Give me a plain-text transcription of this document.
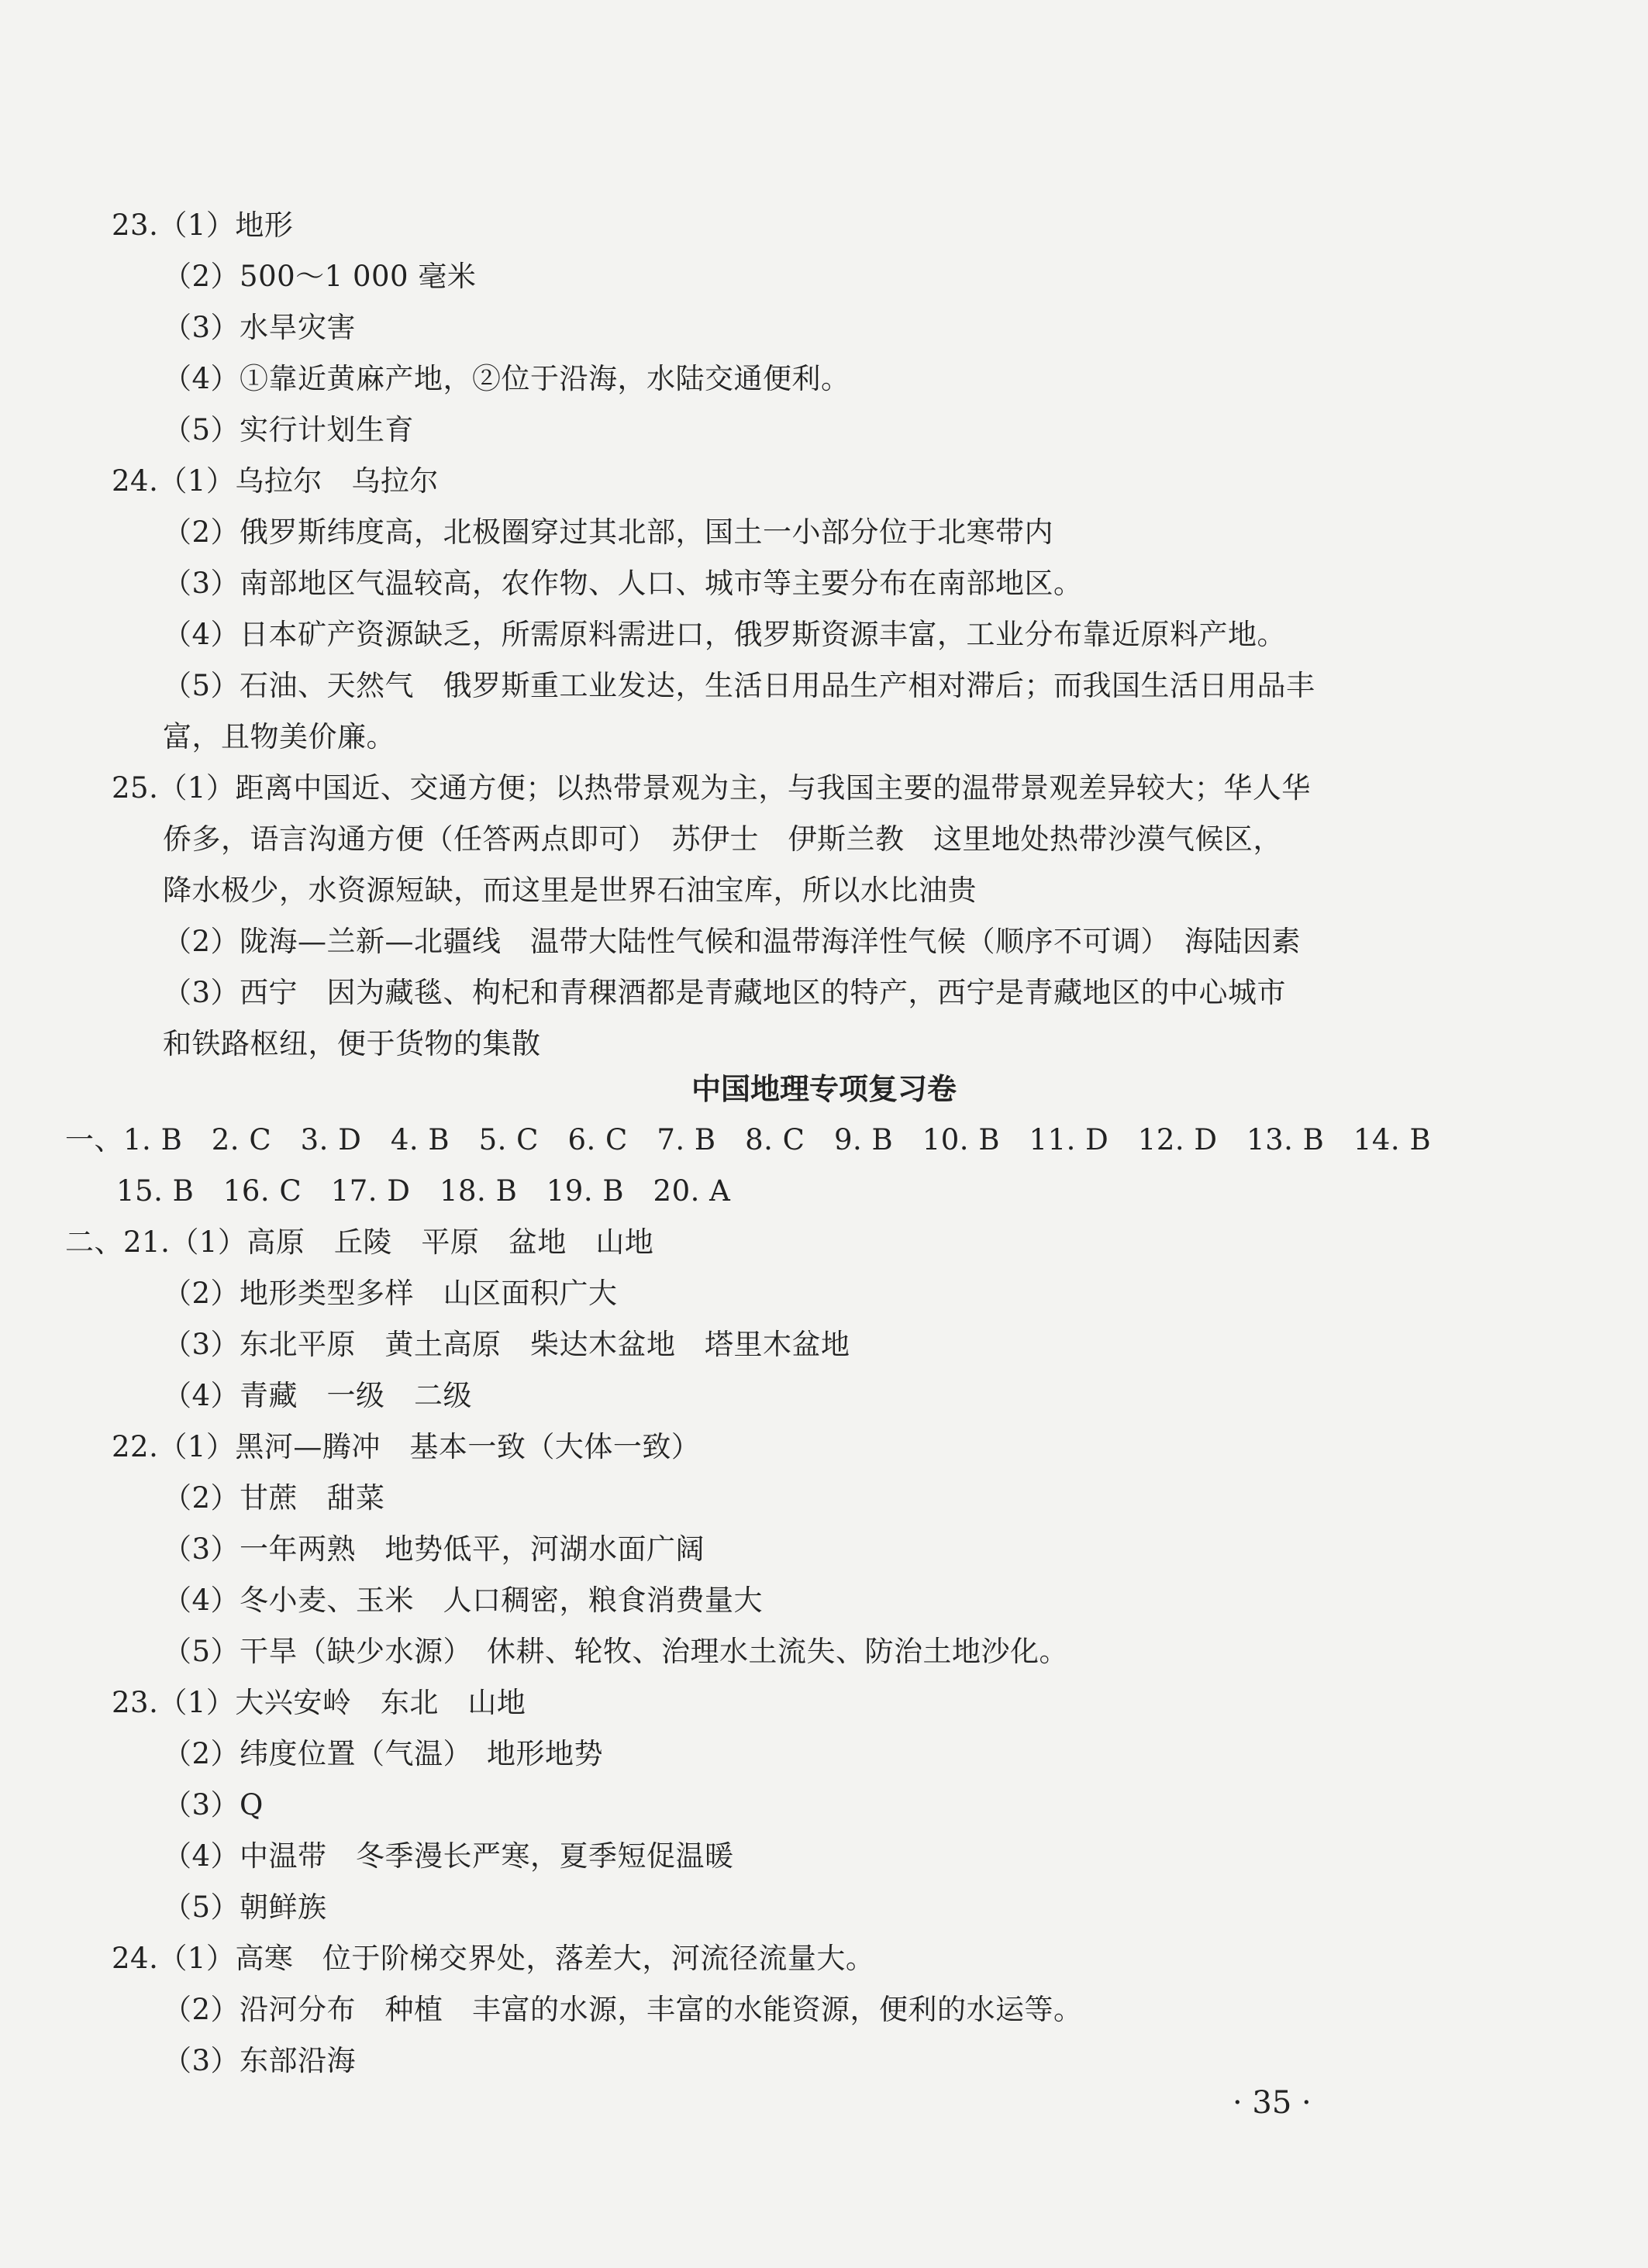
23.（1）地形
（2）500～1 000 毫米
（3）水旱灾害
（4）①靠近黄麻产地，②位于沿海，水陆交通便利。
（5）实行计划生育
24.（1）乌拉尔　乌拉尔
（2）俄罗斯纬度高，北极圈穿过其北部，国土一小部分位于北寒带内
（3）南部地区气温较高，农作物、人口、城市等主要分布在南部地区。
（4）日本矿产资源缺乏，所需原料需进口，俄罗斯资源丰富，工业分布靠近原料产地。
（5）石油、天然气　俄罗斯重工业发达，生活日用品生产相对滞后；而我国生活日用品丰
富，且物美价廉。
25.（1）距离中国近、交通方便；以热带景观为主，与我国主要的温带景观差异较大；华人华
侨多，语言沟通方便（任答两点即可）　苏伊士　伊斯兰教　这里地处热带沙漠气候区，
降水极少，水资源短缺，而这里是世界石油宝库，所以水比油贵
（2）陇海—兰新—北疆线　温带大陆性气候和温带海洋性气候（顺序不可调）　海陆因素
（3）西宁　因为藏毯、枸杞和青稞酒都是青藏地区的特产，西宁是青藏地区的中心城市
和铁路枢纽，便于货物的集散
中国地理专项复习卷
一、1. B　2. C　3. D　4. B　5. C　6. C　7. B　8. C　9. B　10. B　11. D　12. D　13. B　14. B
15. B　16. C　17. D　18. B　19. B　20. A
二、21.（1）高原　丘陵　平原　盆地　山地
（2）地形类型多样　山区面积广大
（3）东北平原　黄土高原　柴达木盆地　塔里木盆地
（4）青藏　一级　二级
22.（1）黑河—腾冲　基本一致（大体一致）
（2）甘蔗　甜菜
（3）一年两熟　地势低平，河湖水面广阔
（4）冬小麦、玉米　人口稠密，粮食消费量大
（5）干旱（缺少水源）　休耕、轮牧、治理水土流失、防治土地沙化。
23.（1）大兴安岭　东北　山地
（2）纬度位置（气温）　地形地势
（3）Q
（4）中温带　冬季漫长严寒，夏季短促温暖
（5）朝鲜族
24.（1）高寒　位于阶梯交界处，落差大，河流径流量大。
（2）沿河分布　种植　丰富的水源，丰富的水能资源，便利的水运等。
（3）东部沿海
· 35 ·
